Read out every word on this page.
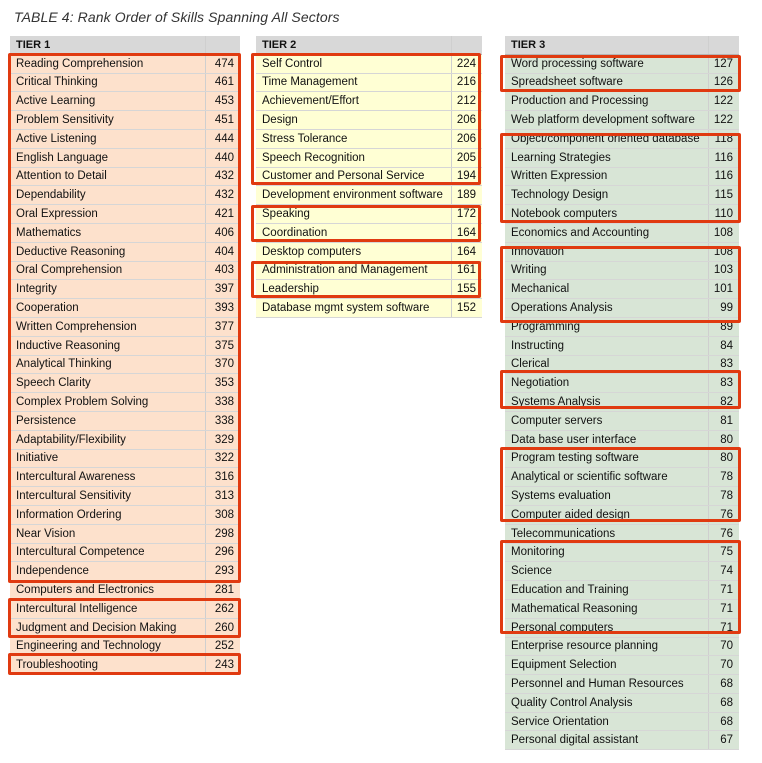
TABLE 4: Rank Order of Skills Spanning All Sectors
TIER 1	
Reading Comprehension	474
Critical Thinking	461
Active Learning	453
Problem Sensitivity	451
Active Listening	444
English Language	440
Attention to Detail	432
Dependability	432
Oral Expression	421
Mathematics	406
Deductive Reasoning	404
Oral Comprehension	403
Integrity	397
Cooperation	393
Written Comprehension	377
Inductive Reasoning	375
Analytical Thinking	370
Speech Clarity	353
Complex Problem Solving	338
Persistence	338
Adaptability/Flexibility	329
Initiative	322
Intercultural Awareness	316
Intercultural Sensitivity	313
Information Ordering	308
Near Vision	298
Intercultural Competence	296
Independence	293
Computers and Electronics	281
Intercultural Intelligence	262
Judgment and Decision Making	260
Engineering and Technology	252
Troubleshooting	243
TIER 2	
Self Control	224
Time Management	216
Achievement/Effort	212
Design	206
Stress Tolerance	206
Speech Recognition	205
Customer and Personal Service	194
Development environment software	189
Speaking	172
Coordination	164
Desktop computers	164
Administration and Management	161
Leadership	155
Database mgmt system software	152
TIER 3	
Word processing software	127
Spreadsheet software	126
Production and Processing	122
Web platform development software	122
Object/component oriented database	118
Learning Strategies	116
Written Expression	116
Technology Design	115
Notebook computers	110
Economics and Accounting	108
Innovation	108
Writing	103
Mechanical	101
Operations Analysis	99
Programming	89
Instructing	84
Clerical	83
Negotiation	83
Systems Analysis	82
Computer servers	81
Data base user interface	80
Program testing software	80
Analytical or scientific software	78
Systems evaluation	78
Computer aided design	76
Telecommunications	76
Monitoring	75
Science	74
Education and Training	71
Mathematical Reasoning	71
Personal computers	71
Enterprise resource planning	70
Equipment Selection	70
Personnel and Human Resources	68
Quality Control Analysis	68
Service Orientation	68
Personal digital assistant	67
